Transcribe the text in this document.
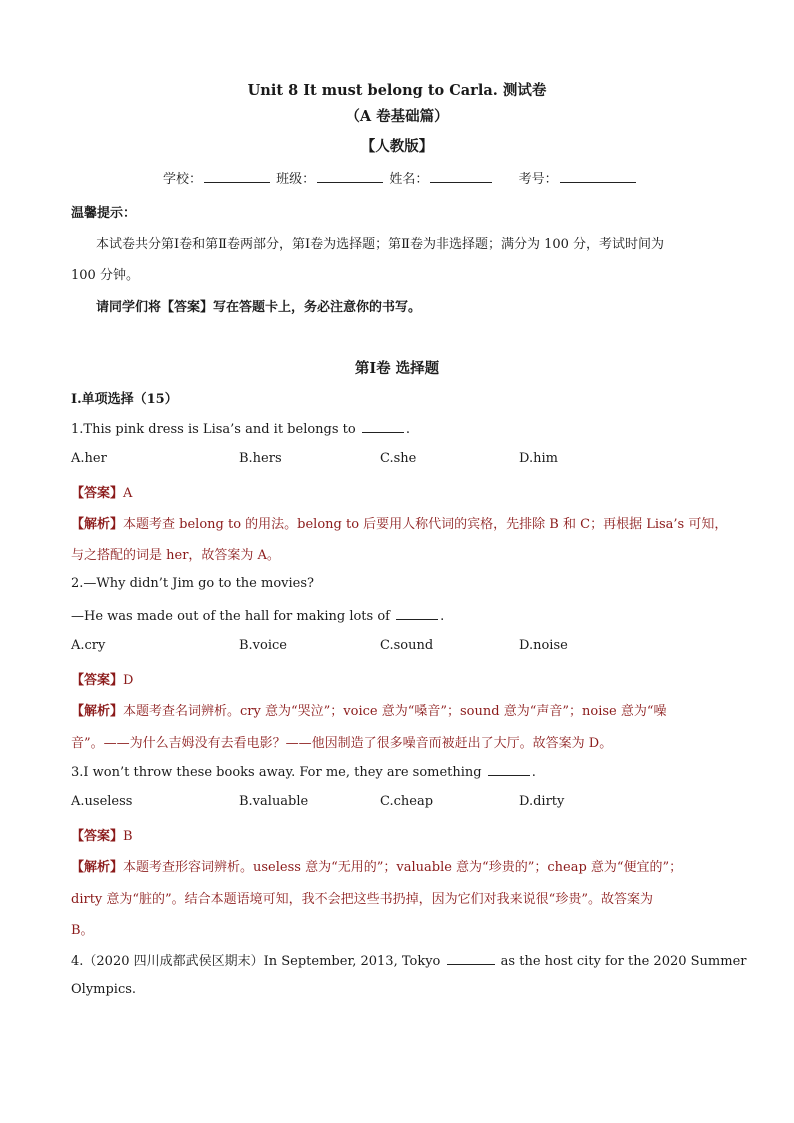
Unit 8 It must belong to Carla. 测试卷
（A 卷基础篇）
【人教版】
学校：	班级：	姓名：	考号：
温馨提示：
本试卷共分第Ⅰ卷和第Ⅱ卷两部分，第Ⅰ卷为选择题；第Ⅱ卷为非选择题；满分为 100 分，考试时间为
100 分钟。
请同学们将【答案】写在答题卡上，务必注意你的书写。
第Ⅰ卷 选择题
Ⅰ.单项选择（15）
1.This pink dress is Lisa’s and it belongs to	.
A.her	B.hers	C.she	D.him
【答案】A
【解析】本题考查 belong to 的用法。belong to 后要用人称代词的宾格，先排除 B 和 C；再根据 Lisa’s 可知，
与之搭配的词是 her，故答案为 A。
2.—Why didn’t Jim go to the movies?
—He was made out of the hall for making lots of	.
A.cry	B.voice	C.sound	D.noise
【答案】D
【解析】本题考查名词辨析。cry 意为“哭泣”；voice 意为“嗓音”；sound 意为“声音”；noise 意为“噪
音”。——为什么吉姆没有去看电影？——他因制造了很多噪音而被赶出了大厅。故答案为 D。
3.I won’t throw these books away. For me, they are something	.
A.useless	B.valuable	C.cheap	D.dirty
【答案】B
【解析】本题考查形容词辨析。useless 意为“无用的”；valuable 意为“珍贵的”；cheap 意为“便宜的”；
dirty 意为“脏的”。结合本题语境可知，我不会把这些书扔掉，因为它们对我来说很“珍贵”。故答案为
B。
4.（2020 四川成都武侯区期末）In September, 2013, Tokyo	as the host city for the 2020 Summer
Olympics.
